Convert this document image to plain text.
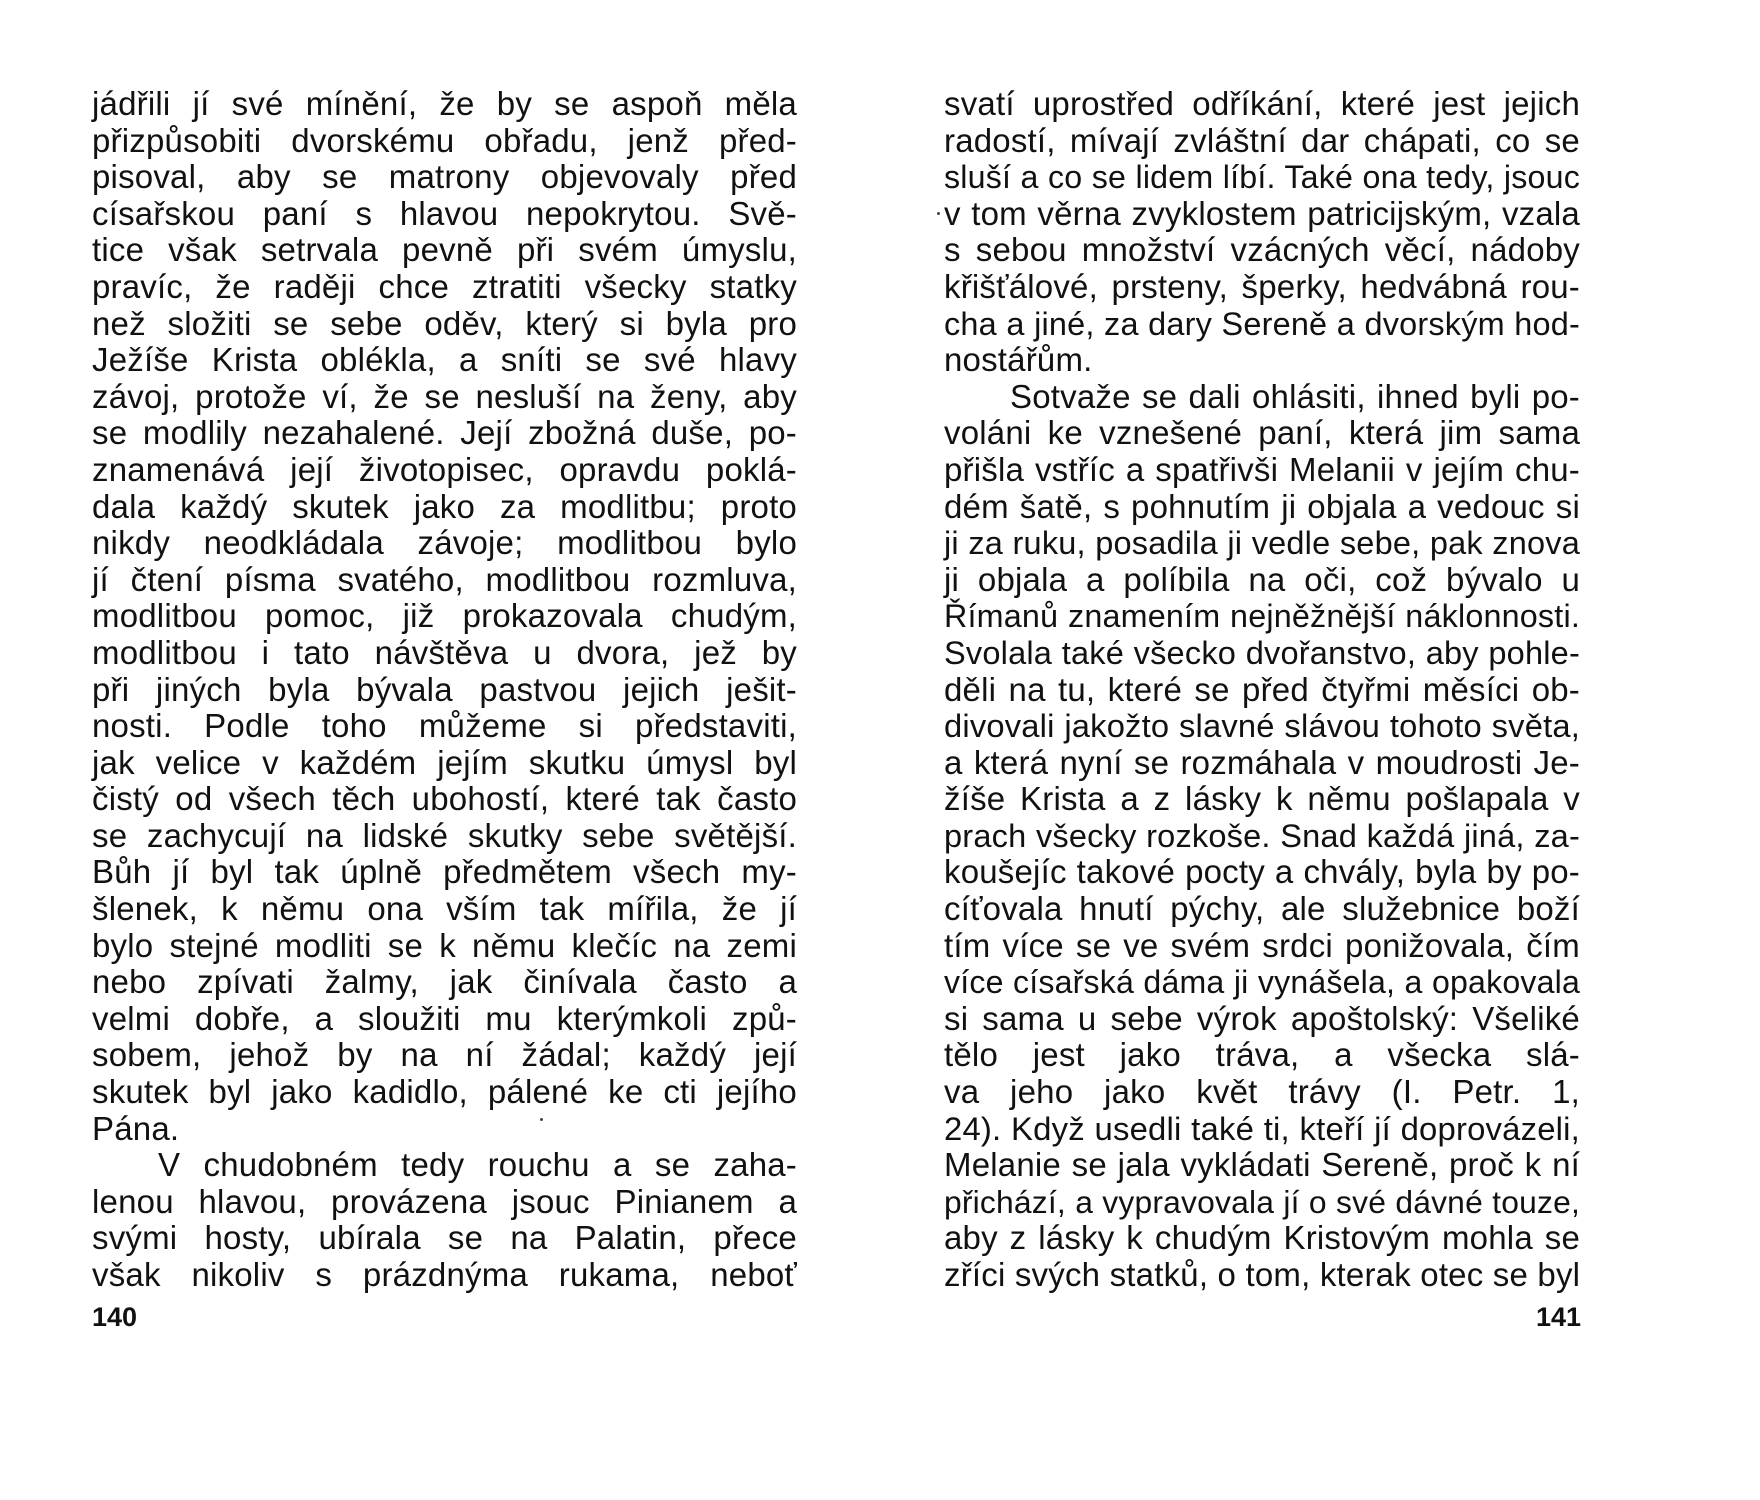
jádřili jí své mínění, že by se aspoň měla
přizpůsobiti dvorskému obřadu, jenž před-
pisoval, aby se matrony objevovaly před
císařskou paní s hlavou nepokrytou. Svě-
tice však setrvala pevně při svém úmyslu,
pravíc, že raději chce ztratiti všecky statky
než složiti se sebe oděv, který si byla pro
Ježíše Krista oblékla, a sníti se své hlavy
závoj, protože ví, že se nesluší na ženy, aby
se modlily nezahalené. Její zbožná duše, po-
znamenává její životopisec, opravdu poklá-
dala každý skutek jako za modlitbu; proto
nikdy neodkládala závoje; modlitbou bylo
jí čtení písma svatého, modlitbou rozmluva,
modlitbou pomoc, již prokazovala chudým,
modlitbou i tato návštěva u dvora, jež by
při jiných byla bývala pastvou jejich ješit-
nosti. Podle toho můžeme si představiti,
jak velice v každém jejím skutku úmysl byl
čistý od všech těch ubohostí, které tak často
se zachycují na lidské skutky sebe světější.
Bůh jí byl tak úplně předmětem všech my-
šlenek, k němu ona vším tak mířila, že jí
bylo stejné modliti se k němu klečíc na zemi
nebo zpívati žalmy, jak činívala často a
velmi dobře, a sloužiti mu kterýmkoli způ-
sobem, jehož by na ní žádal; každý její
skutek byl jako kadidlo, pálené ke cti jejího
Pána.
V chudobném tedy rouchu a se zaha-
lenou hlavou, provázena jsouc Pinianem a
svými hosty, ubírala se na Palatin, přece
však nikoliv s prázdnýma rukama, neboť
140
svatí uprostřed odříkání, které jest jejich
radostí, mívají zvláštní dar chápati, co se
sluší a co se lidem líbí. Také ona tedy, jsouc
v tom věrna zvyklostem patricijským, vzala
s sebou množství vzácných věcí, nádoby
křišťálové, prsteny, šperky, hedvábná rou-
cha a jiné, za dary Sereně a dvorským hod-
nostářům.
Sotvaže se dali ohlásiti, ihned byli po-
voláni ke vznešené paní, která jim sama
přišla vstříc a spatřivši Melanii v jejím chu-
dém šatě, s pohnutím ji objala a vedouc si
ji za ruku, posadila ji vedle sebe, pak znova
ji objala a políbila na oči, což bývalo u
Římanů znamením nejněžnější náklonnosti.
Svolala také všecko dvořanstvo, aby pohle-
děli na tu, které se před čtyřmi měsíci ob-
divovali jakožto slavné slávou tohoto světa,
a která nyní se rozmáhala v moudrosti Je-
žíše Krista a z lásky k němu pošlapala v
prach všecky rozkoše. Snad každá jiná, za-
koušejíc takové pocty a chvály, byla by po-
cíťovala hnutí pýchy, ale služebnice boží
tím více se ve svém srdci ponižovala, čím
více císařská dáma ji vynášela, a opakovala
si sama u sebe výrok apoštolský: Všeliké
tělo jest jako tráva, a všecka slá-
va jeho jako květ trávy (I. Petr. 1,
24). Když usedli také ti, kteří jí doprovázeli,
Melanie se jala vykládati Sereně, proč k ní
přichází, a vypravovala jí o své dávné touze,
aby z lásky k chudým Kristovým mohla se
zříci svých statků, o tom, kterak otec se byl
141
